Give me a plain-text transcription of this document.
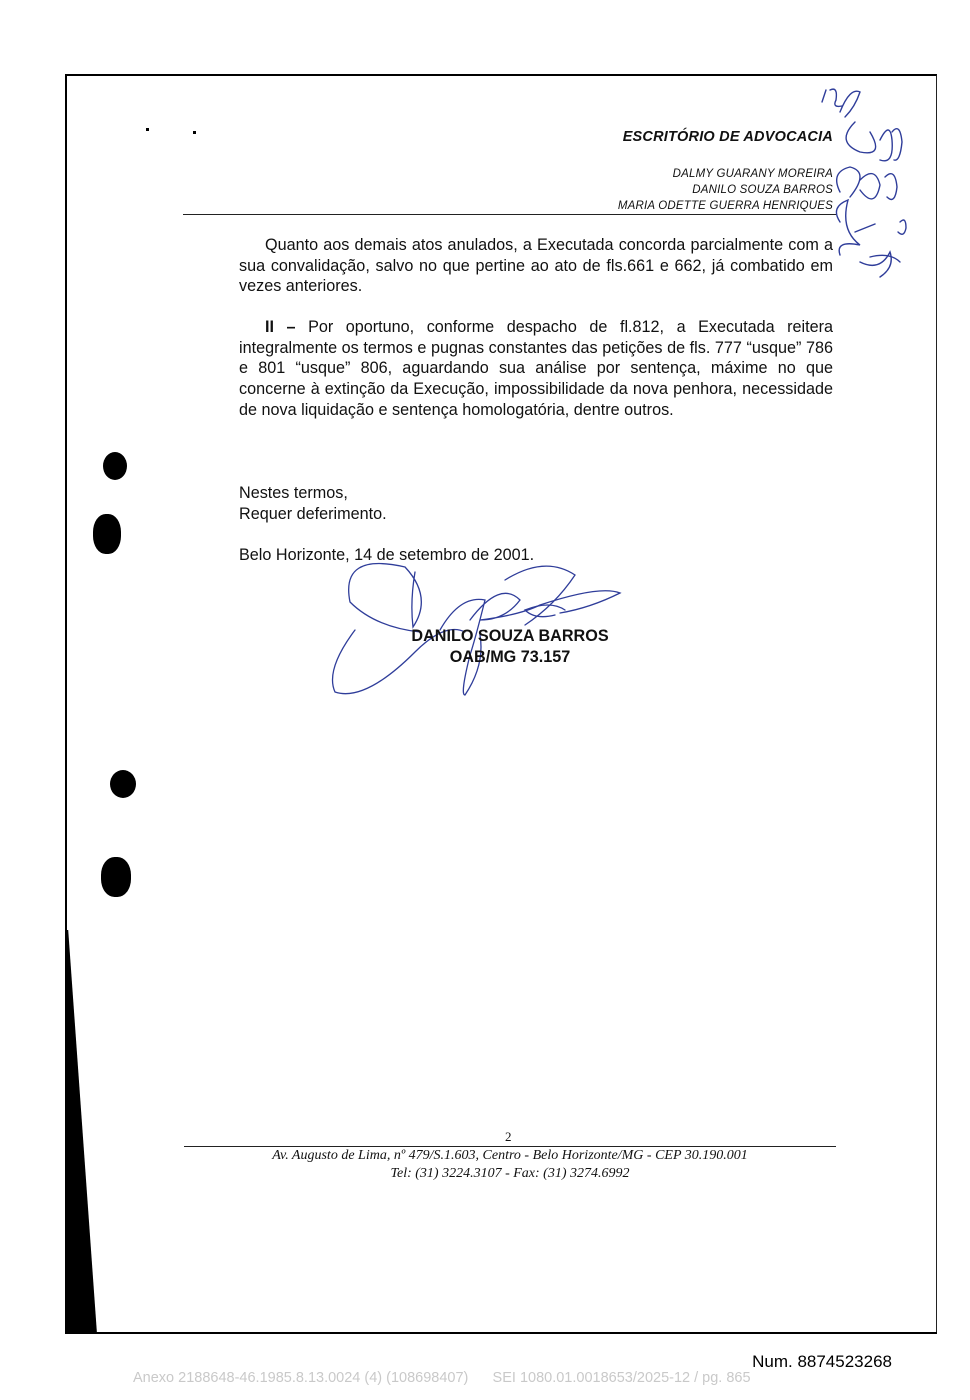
ESCRITÓRIO DE ADVOCACIA
DALMY GUARANY MOREIRA
DANILO SOUZA BARROS
MARIA ODETTE GUERRA HENRIQUES
Quanto aos demais atos anulados, a Executada concorda parcialmente com a sua convalidação, salvo no que pertine ao ato de fls.661 e 662, já combatido em vezes anteriores.
II – Por oportuno, conforme despacho de fl.812, a Executada reitera integralmente os termos e pugnas constantes das petições de fls. 777 “usque” 786 e 801 “usque” 806, aguardando sua análise por sentença, máxime no que concerne à extinção da Execução, impossibilidade da nova penhora, necessidade de nova liquidação e sentença homologatória, dentre outros.
Nestes termos,
Requer deferimento.
Belo Horizonte, 14 de setembro de 2001.
DANILO SOUZA BARROS
OAB/MG 73.157
2
Av. Augusto de Lima, nº 479/S.1.603, Centro - Belo Horizonte/MG - CEP 30.190.001
Tel: (31) 3224.3107 - Fax: (31) 3274.6992
Num. 8874523268
Anexo 2188648-46.1985.8.13.0024 (4) (108698407)      SEI 1080.01.0018653/2025-12 / pg. 865
